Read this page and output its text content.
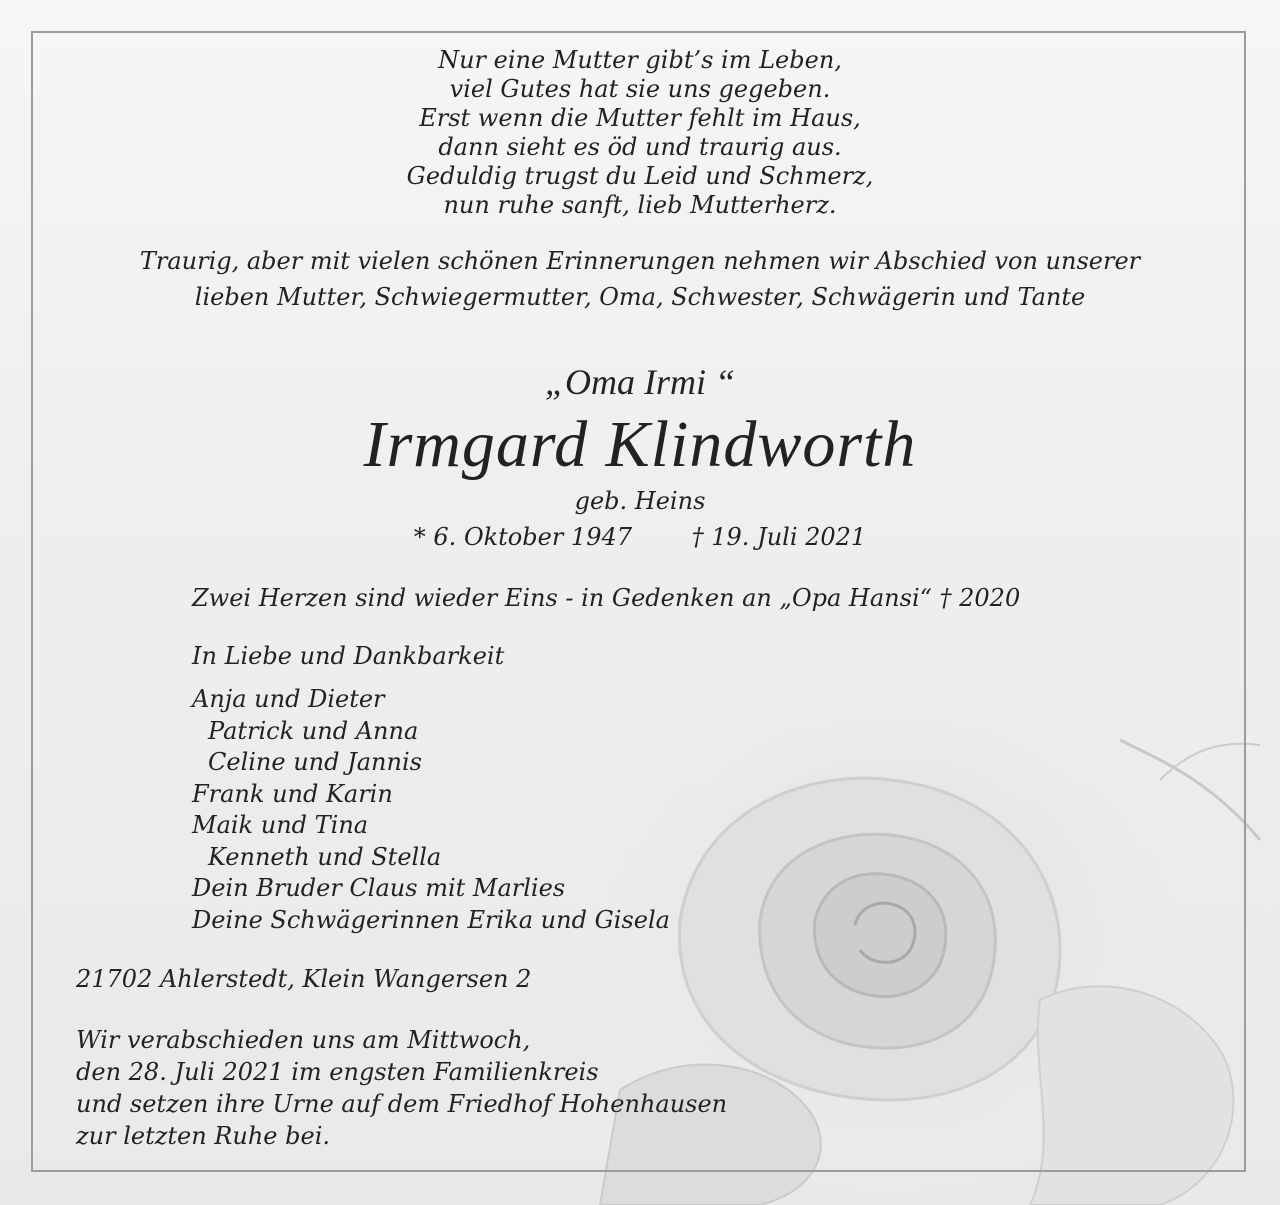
Nur eine Mutter gibt’s im Leben,
viel Gutes hat sie uns gegeben.
Erst wenn die Mutter fehlt im Haus,
dann sieht es öd und traurig aus.
Geduldig trugst du Leid und Schmerz,
nun ruhe sanft, lieb Mutterherz.
Traurig, aber mit vielen schönen Erinnerungen nehmen wir Abschied von unserer
lieben Mutter, Schwiegermutter, Oma, Schwester, Schwägerin und Tante
„Oma Irmi “
Irmgard Klindworth
geb. Heins
* 6. Oktober 1947 † 19. Juli 2021
Zwei Herzen sind wieder Eins - in Gedenken an „Opa Hansi“ † 2020
In Liebe und Dankbarkeit
Anja und Dieter
Patrick und Anna
Celine und Jannis
Frank und Karin
Maik und Tina
Kenneth und Stella
Dein Bruder Claus mit Marlies
Deine Schwägerinnen Erika und Gisela
21702 Ahlerstedt, Klein Wangersen 2
Wir verabschieden uns am Mittwoch,
den 28. Juli 2021 im engsten Familienkreis
und setzen ihre Urne auf dem Friedhof Hohenhausen
zur letzten Ruhe bei.
